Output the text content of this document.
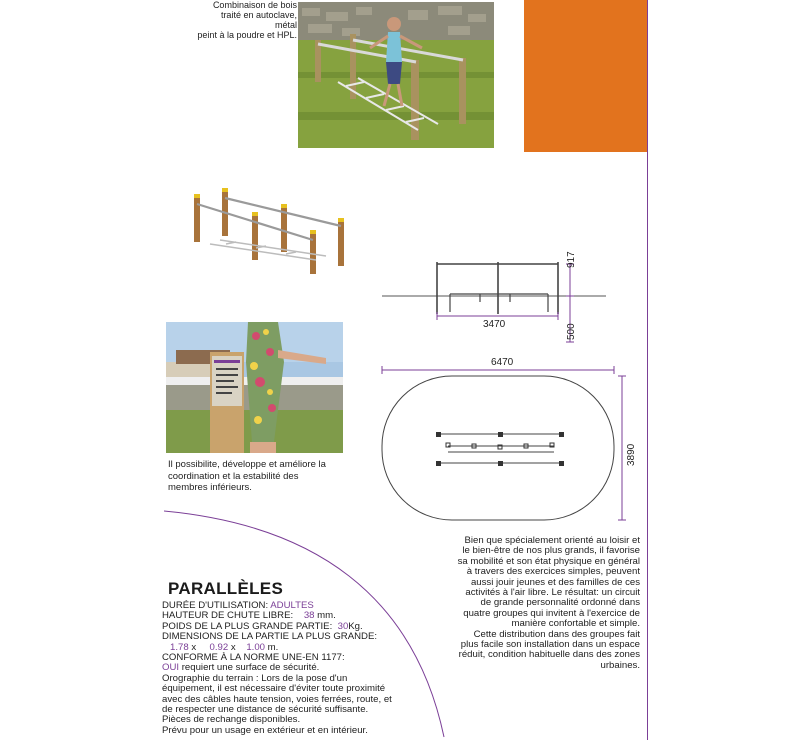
Combinaison de bois
traité en autoclave, métal
peint à la poudre et HPL.
917
3470	500
Il possibilite, développe et améliore la
coordination et la estabilité des
membres inférieurs.
6470
3890
Bien que spécialement orienté au loisir et
le bien-être de nos plus grands, il favorise
sa mobilité et son état physique en général
à travers des exercices simples, peuvent
aussi jouir jeunes et des familles de ces
activités à l'air libre. Le résultat: un circuit
de grande personnalité ordonné dans
quatre groupes qui invitent à l'exercice de
manière confortable et simple.
Cette distribution dans des groupes fait
plus facile son installation dans un espace
réduit, condition habituelle dans des zones
urbaines.
PARALLÈLES
DURÉE D'UTILISATION: ADULTES
HAUTEUR DE CHUTE LIBRE: 38 mm.
POIDS DE LA PLUS GRANDE PARTIE: 30Kg.
DIMENSIONS DE LA PARTIE LA PLUS GRANDE:
1.78 x 0.92 x 1.00 m.
CONFORME À LA NORME UNE-EN 1177:
OUI requiert une surface de sécurité.
Orographie du terrain : Lors de la pose d'un
équipement, il est nécessaire d'éviter toute proximité
avec des câbles haute tension, voies ferrées, route, et
de respecter une distance de sécurité suffisante.
Pièces de rechange disponibles.
Prévu pour un usage en extérieur et en intérieur.
